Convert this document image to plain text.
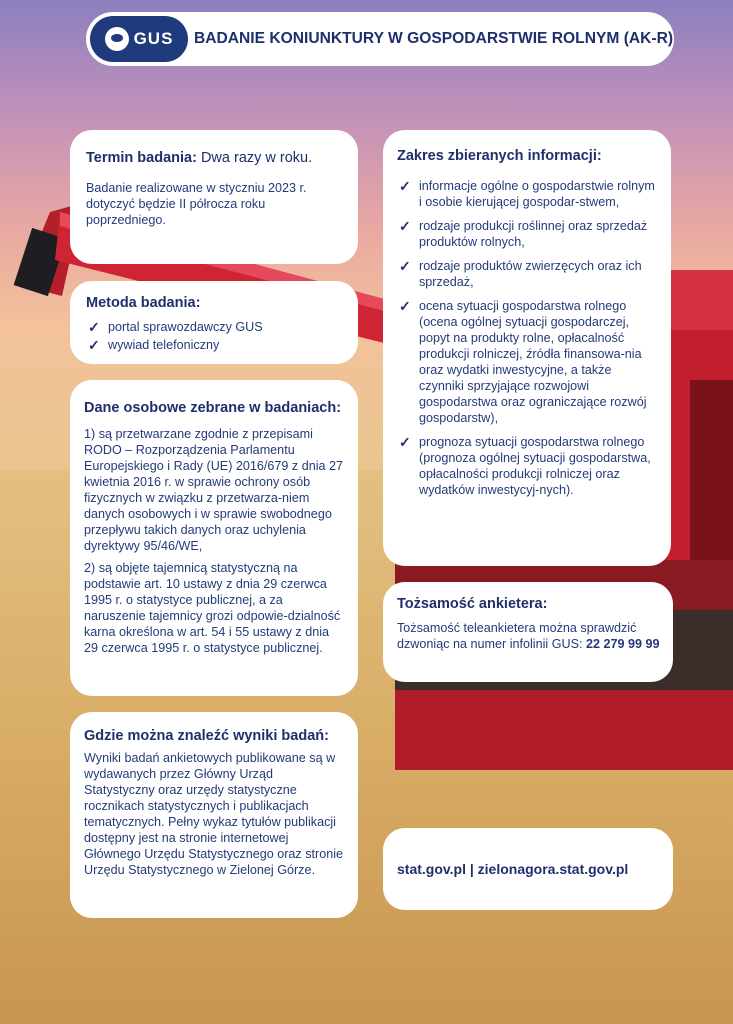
GUS BADANIE KONIUNKTURY W GOSPODARSTWIE ROLNYM (AK-R)
Termin badania: Dwa razy w roku.

Badanie realizowane w styczniu 2023 r. dotyczyć będzie II półrocza roku poprzedniego.

Metoda badania:
✓ portal sprawozdawczy GUS
✓ wywiad telefoniczny
Dane osobowe zebrane w badaniach:

1) są przetwarzane zgodnie z przepisami RODO – Rozporządzenia Parlamentu Europejskiego i Rady (UE) 2016/679 z dnia 27 kwietnia 2016 r. w sprawie ochrony osób fizycznych w związku z przetwarza-niem danych osobowych i w sprawie swobodnego przepływu takich danych oraz uchylenia dyrektywy 95/46/WE,

2) są objęte tajemnicą statystyczną na podstawie art. 10 ustawy z dnia 29 czerwca 1995 r. o statystyce publicznej, a za naruszenie tajemnicy grozi odpowie-dzialność karna określona w art. 54 i 55 ustawy z dnia 29 czerwca 1995 r. o statystyce publicznej.

Gdzie można znaleźć wyniki badań:

Wyniki badań ankietowych publikowane są w wydawanych przez Główny Urząd Statystyczny oraz urzędy statystyczne rocznikach statystycznych i publikacjach tematycznych. Pełny wykaz tytułów publikacji dostępny jest na stronie internetowej Głównego Urzędu Statystycznego oraz stronie Urzędu Statystycznego w Zielonej Górze.

Zakres zbieranych informacji:
✓ informacje ogólne o gospodarstwie rolnym i osobie kierującej gospodar-stwem,
✓ rodzaje produkcji roślinnej oraz sprzedaż produktów rolnych,
✓ rodzaje produktów zwierzęcych oraz ich sprzedaż,
✓ ocena sytuacji gospodarstwa rolnego (ocena ogólnej sytuacji gospodarczej, popyt na produkty rolne, opłacalność produkcji rolniczej, źródła finansowa-nia oraz wydatki inwestycyjne, a także czynniki sprzyjające rozwojowi gospodarstwa oraz ograniczające rozwój gospodarstw),
✓ prognoza sytuacji gospodarstwa rolnego (prognoza ogólnej sytuacji gospodarstwa, opłacalności produkcji rolniczej oraz wydatków inwestycyj-nych).
Tożsamość ankietera:

Tożsamość teleankietera można sprawdzić dzwoniąc na numer infolinii GUS: 22 279 99 99

stat.gov.pl | zielonagora.stat.gov.pl
